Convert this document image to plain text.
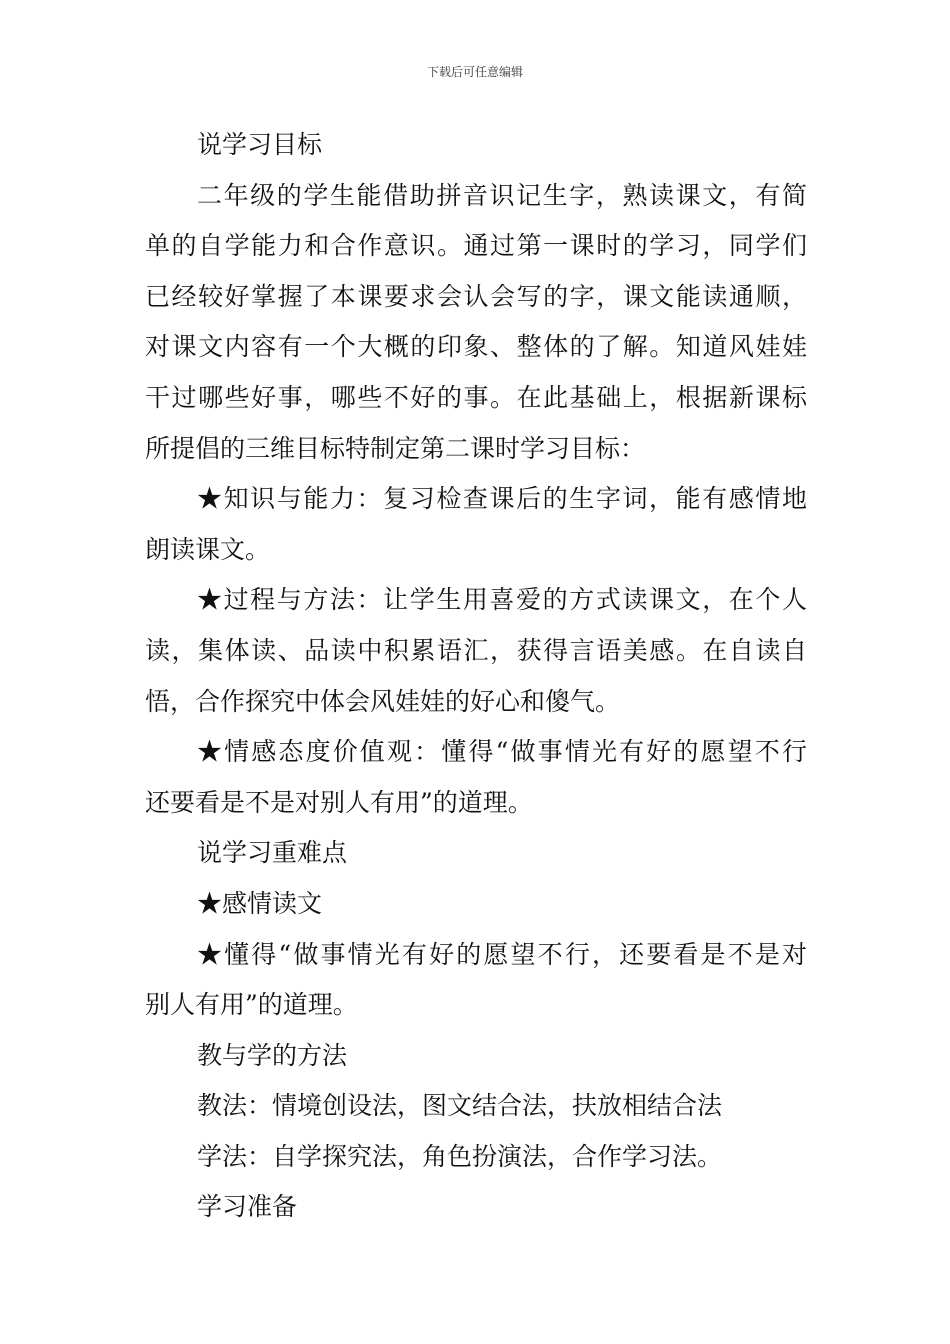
下载后可任意编辑
说学习目标
二年级的学生能借助拼音识记生字，熟读课文，有简
单的自学能力和合作意识。通过第一课时的学习，同学们
已经较好掌握了本课要求会认会写的字，课文能读通顺，
对课文内容有一个大概的印象、整体的了解。知道风娃娃
干过哪些好事，哪些不好的事。在此基础上，根据新课标
所提倡的三维目标特制定第二课时学习目标：
★知识与能力：复习检查课后的生字词，能有感情地
朗读课文。
★过程与方法：让学生用喜爱的方式读课文，在个人
读，集体读、品读中积累语汇，获得言语美感。在自读自
悟，合作探究中体会风娃娃的好心和傻气。
★情感态度价值观：懂得“做事情光有好的愿望不行
还要看是不是对别人有用”的道理。
说学习重难点
★感情读文
★懂得“做事情光有好的愿望不行，还要看是不是对
别人有用”的道理。
教与学的方法
教法：情境创设法，图文结合法，扶放相结合法
学法：自学探究法，角色扮演法，合作学习法。
学习准备
